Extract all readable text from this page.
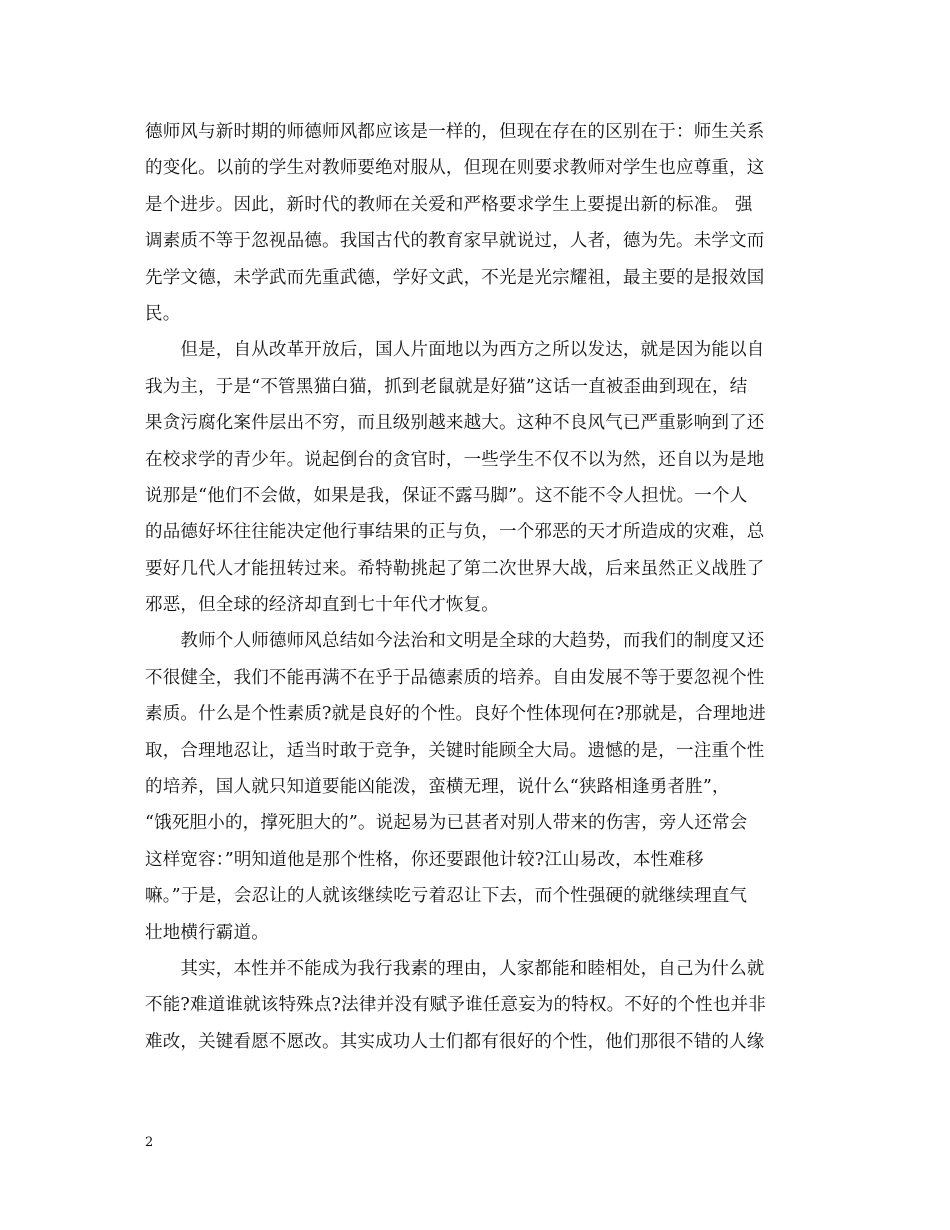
德师风与新时期的师德师风都应该是一样的，但现在存在的区别在于：师生关系
的变化。以前的学生对教师要绝对服从，但现在则要求教师对学生也应尊重，这
是个进步。因此，新时代的教师在关爱和严格要求学生上要提出新的标准。 强
调素质不等于忽视品德。我国古代的教育家早就说过，人者，德为先。未学文而
先学文德，未学武而先重武德，学好文武，不光是光宗耀祖，最主要的是报效国
民。
　　但是，自从改革开放后，国人片面地以为西方之所以发达，就是因为能以自
我为主，于是“不管黑猫白猫，抓到老鼠就是好猫”这话一直被歪曲到现在，结
果贪污腐化案件层出不穷，而且级别越来越大。这种不良风气已严重影响到了还
在校求学的青少年。说起倒台的贪官时，一些学生不仅不以为然，还自以为是地
说那是“他们不会做，如果是我，保证不露马脚”。这不能不令人担忧。一个人
的品德好坏往往能决定他行事结果的正与负，一个邪恶的天才所造成的灾难，总
要好几代人才能扭转过来。希特勒挑起了第二次世界大战，后来虽然正义战胜了
邪恶，但全球的经济却直到七十年代才恢复。
　　教师个人师德师风总结如今法治和文明是全球的大趋势，而我们的制度又还
不很健全，我们不能再满不在乎于品德素质的培养。自由发展不等于要忽视个性
素质。什么是个性素质?就是良好的个性。良好个性体现何在?那就是，合理地进
取，合理地忍让，适当时敢于竞争，关键时能顾全大局。遗憾的是，一注重个性
的培养，国人就只知道要能凶能泼，蛮横无理，说什么“狭路相逢勇者胜”，
“饿死胆小的，撑死胆大的”。说起易为已甚者对别人带来的伤害，旁人还常会
这样宽容：”明知道他是那个性格，你还要跟他计较?江山易改，本性难移
嘛。”于是，会忍让的人就该继续吃亏着忍让下去，而个性强硬的就继续理直气
壮地横行霸道。
　　其实，本性并不能成为我行我素的理由，人家都能和睦相处，自己为什么就
不能?难道谁就该特殊点?法律并没有赋予谁任意妄为的特权。不好的个性也并非
难改，关键看愿不愿改。其实成功人士们都有很好的个性，他们那很不错的人缘
2
